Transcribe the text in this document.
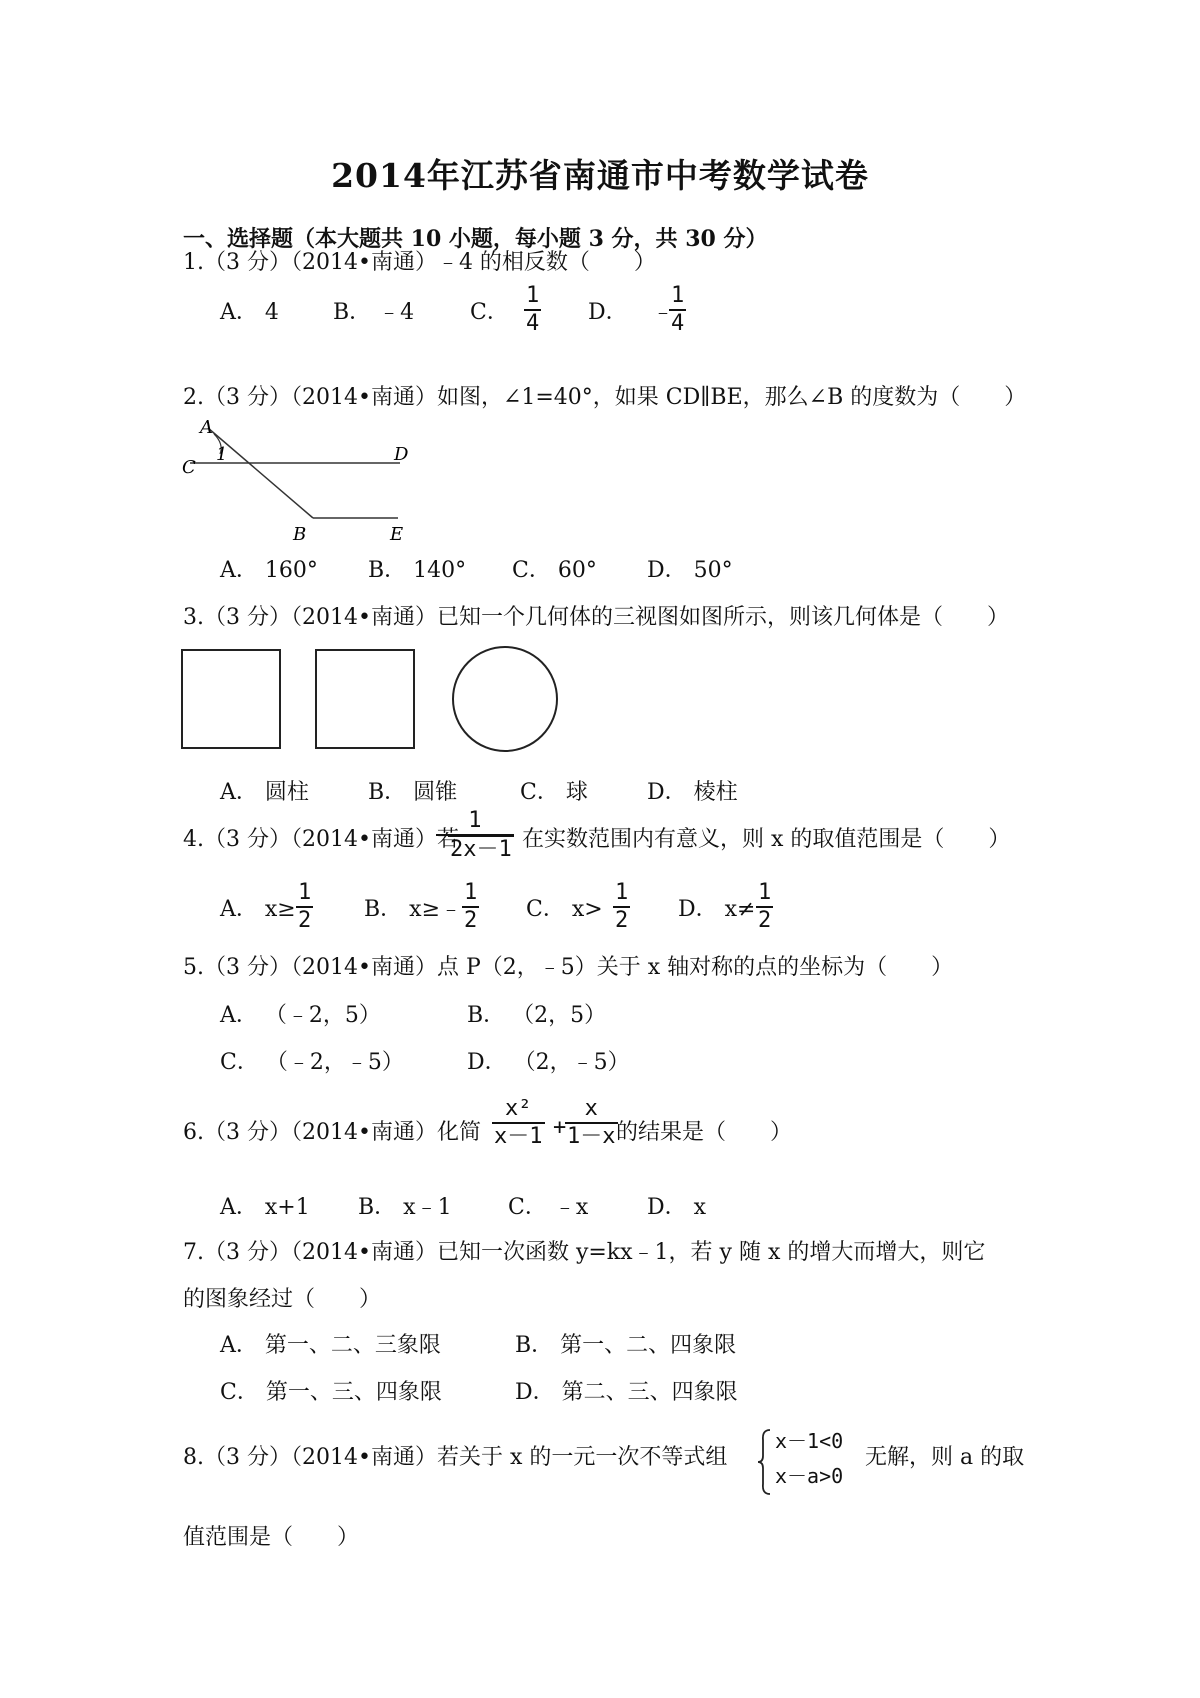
2014年江苏省南通市中考数学试卷
一、选择题（本大题共 10 小题，每小题 3 分，共 30 分）
1.（3 分）（2014•南通）﹣4 的相反数（　　）
A． 4 B． ﹣4	C． $\frac{1}{4}$ D． ﹣
$\frac{1}{4}$
2.（3 分）（2014•南通）如图，∠1=40°，如果 CD∥BE，那么∠B 的度数为（　　）
A
1
C
D
B	E
A． 160° B． 140° C． 60° D． 50°
3.（3 分）（2014•南通）已知一个几何体的三视图如图所示，则该几何体是（　　）
A． 圆柱	B． 圆锥	C． 球	D． 棱柱
4.（3 分）（2014•南通）若
$\frac{1}{2x-1}$ 在实数范围内有意义，则 x 的取值范围是（　　）
A． $x\ge \frac{1}{2}$ B． x≥﹣ $\frac{1}{2}$ C． $x> \frac{1}{2}$ D． $x\ne \frac{1}{2}$
5.（3 分）（2014•南通）点 P（2，﹣5）关于 x 轴对称的点的坐标为（　　）
A． （﹣2，5）	B． （2，5）
C． （﹣2，﹣5）	D． （2，﹣5）
6.（3 分）（2014•南通）化简 $\frac{\text{x²}}{x-1}$ +
$\frac{x}{1-x}$
的结果是（　　）
A． x+1 B． x﹣1	C． ﹣x	D． x
7.（3 分）（2014•南通）已知一次函数 y=kx﹣1，若 y 随 x 的增大而增大，则它
的图象经过（　　）
A． 第一、二、三象限	B． 第一、二、四象限
C． 第一、三、四象限	D． 第二、三、四象限
8.（3 分）（2014•南通）若关于 x 的一元一次不等式组
x－1<0
x－a>0
无解，则 a 的取
值范围是（　　）
